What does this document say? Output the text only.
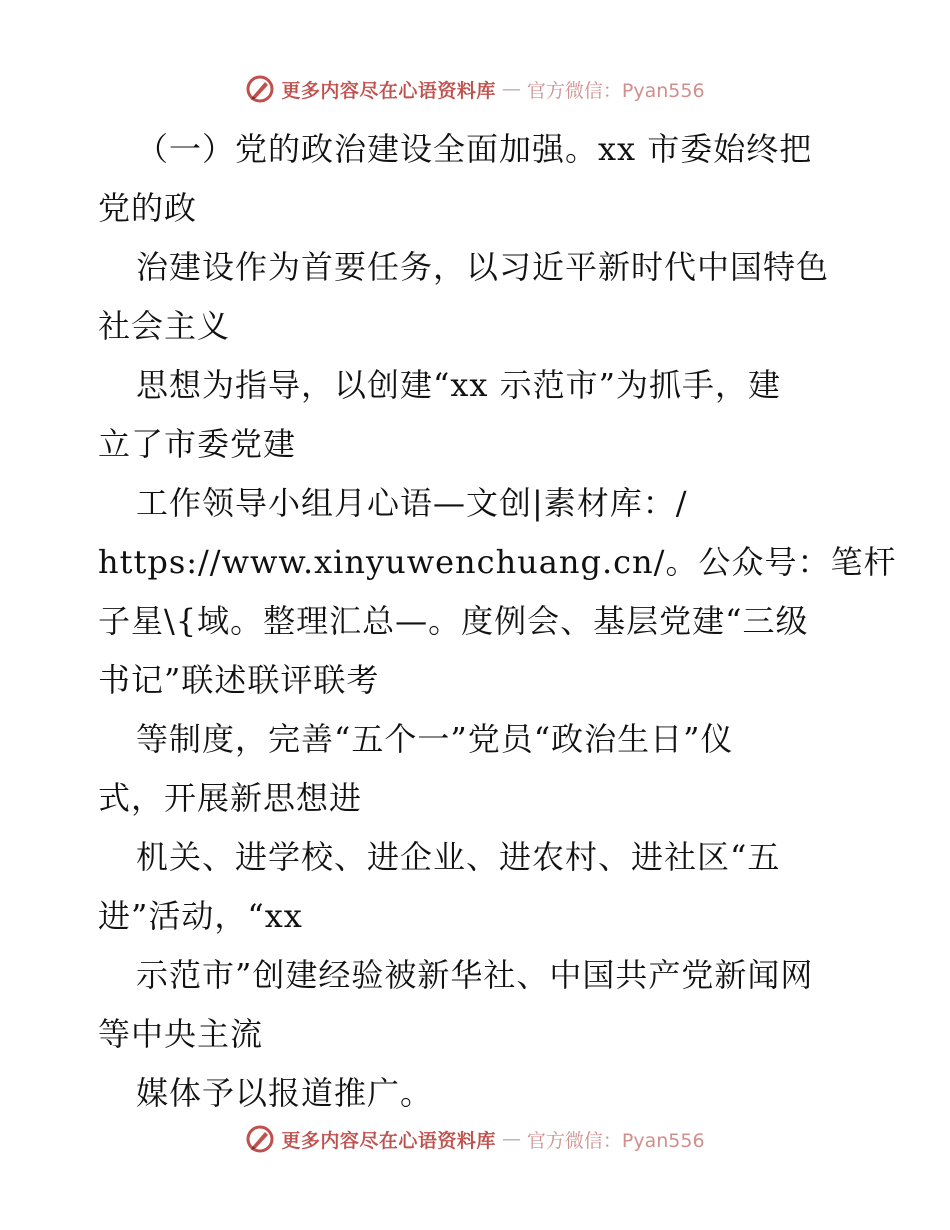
更多内容尽在心语资料库 — 官方微信：Pyan556
（一）党的政治建设全面加强。xx 市委始终把
党的政
治建设作为首要任务，以习近平新时代中国特色
社会主义
思想为指导，以创建“xx 示范市”为抓手，建
立了市委党建
工作领导小组月心语—文创|素材库：/
https://www.xinyuwenchuang.cn/。公众号：笔杆
子星\{域。整理汇总—。度例会、基层党建“三级
书记”联述联评联考
等制度，完善“五个一”党员“政治生日”仪
式，开展新思想进
机关、进学校、进企业、进农村、进社区“五
进”活动，“xx
示范市”创建经验被新华社、中国共产党新闻网
等中央主流
媒体予以报道推广。
更多内容尽在心语资料库 — 官方微信：Pyan556
